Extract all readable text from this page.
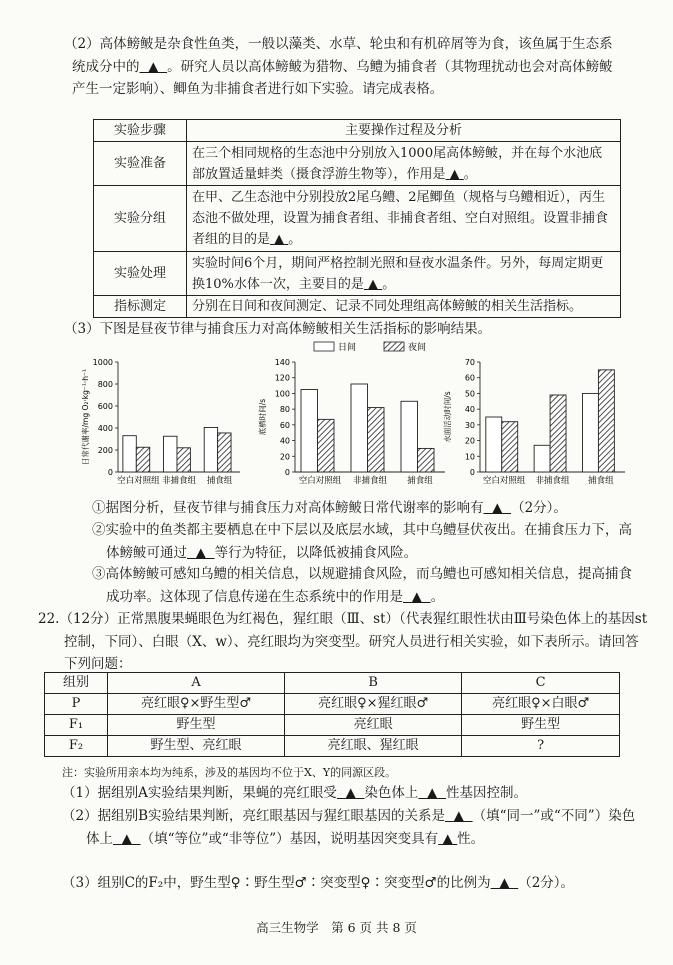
（2）高体鳑鲏是杂食性鱼类，一般以藻类、水草、轮虫和有机碎屑等为食，该鱼属于生态系统成分中的 ▲ 。研究人员以高体鳑鲏为猎物、乌鳢为捕食者（其物理扰动也会对高体鳑鲏产生一定影响）、鲫鱼为非捕食者进行如下实验。请完成表格。
实验步骤	主要操作过程及分析
实验准备	在三个相同规格的生态池中分别放入1000尾高体鳑鲏，并在每个水池底部放置适量蚌类（摄食浮游生物等），作用是 ▲ 。
实验分组	在甲、乙生态池中分别投放2尾乌鳢、2尾鲫鱼（规格与乌鳢相近），丙生态池不做处理，设置为捕食者组、非捕食者组、空白对照组。设置非捕食者组的目的是 ▲ 。
实验处理	实验时间6个月，期间严格控制光照和昼夜水温条件。另外，每周定期更换10%水体一次，主要目的是 ▲ 。
指标测定	分别在日间和夜间测定、记录不同处理组高体鳑鲏的相关生活指标。
（3）下图是昼夜节律与捕食压力对高体鳑鲏相关生活指标的影响结果。
日间	夜间
0
200
400
600
800
1000
日常代谢率/mg O₂·kg⁻¹·h⁻¹
空白对照组 非捕食组 捕食组
0
20
40
60
80
100
120
140
底栖时间/s
空白对照组 非捕食组 捕食组
0
10
20
30
40
50
60
70
水面活动时间/s
空白对照组 非捕食组 捕食组
①据图分析，昼夜节律与捕食压力对高体鳑鲏日常代谢率的影响有 ▲ （2分）。
②实验中的鱼类都主要栖息在中下层以及底层水域，其中乌鳢昼伏夜出。在捕食压力下，高体鳑鲏可通过 ▲ 等行为特征，以降低被捕食风险。
③高体鳑鲏可感知乌鳢的相关信息，以规避捕食风险，而乌鳢也可感知相关信息，提高捕食成功率。这体现了信息传递在生态系统中的作用是 ▲ 。
22.（12分）正常黑腹果蝇眼色为红褐色，猩红眼（Ⅲ、st）（代表猩红眼性状由Ⅲ号染色体上的基因st控制，下同）、白眼（X、w）、亮红眼均为突变型。研究人员进行相关实验，如下表所示。请回答下列问题：
组别	A	B	C
P	亮红眼♀×野生型♂	亮红眼♀×猩红眼♂	亮红眼♀×白眼♂
F₁	野生型	亮红眼	野生型
F₂	野生型、亮红眼	亮红眼、猩红眼	?
注：实验所用亲本均为纯系，涉及的基因均不位于X、Y的同源区段。
（1）据组别A实验结果判断，果蝇的亮红眼受 ▲ 染色体上 ▲ 性基因控制。
（2）据组别B实验结果判断，亮红眼基因与猩红眼基因的关系是 ▲ （填“同一”或“不同”）染色体上 ▲ （填“等位”或“非等位”）基因，说明基因突变具有 ▲ 性。
（3）组别C的F₂中，野生型♀∶野生型♂∶突变型♀∶突变型♂的比例为 ▲ （2分）。
高三生物学　第 6 页 共 8 页
